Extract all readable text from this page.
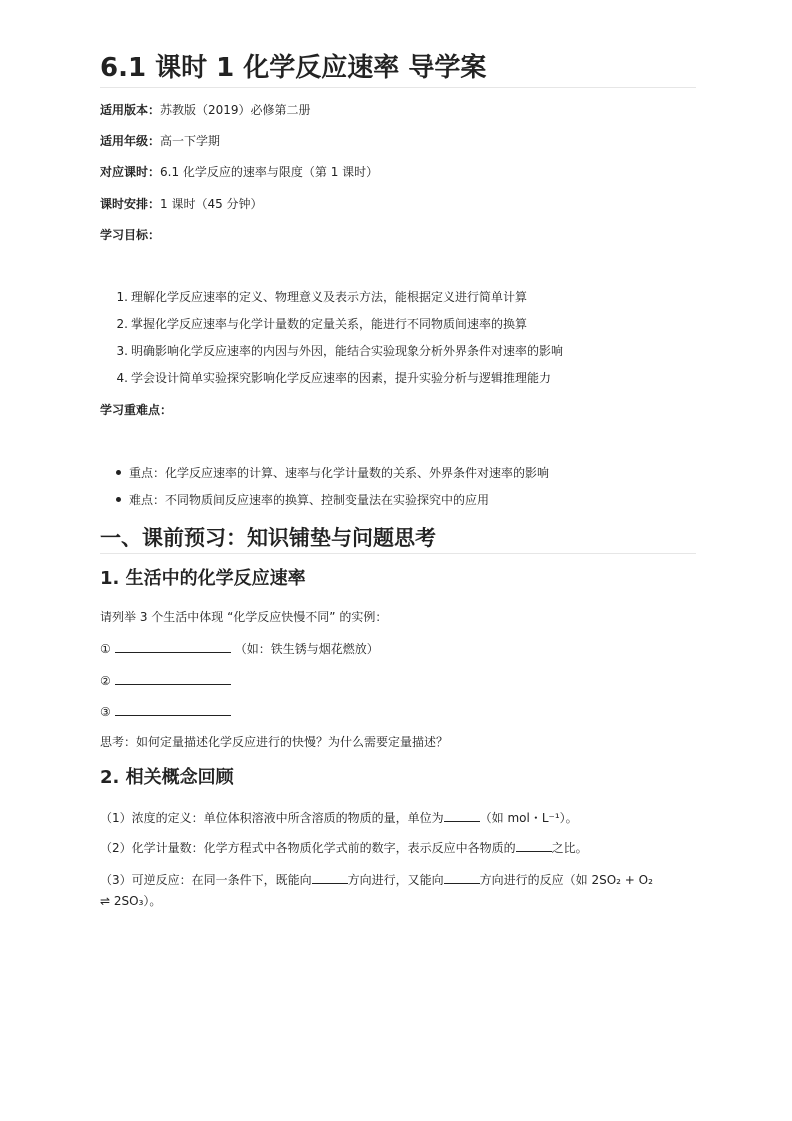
6.1 课时 1 化学反应速率 导学案
适用版本：苏教版（2019）必修第二册
适用年级：高一下学期
对应课时：6.1 化学反应的速率与限度（第 1 课时）
课时安排：1 课时（45 分钟）
学习目标：
1. 理解化学反应速率的定义、物理意义及表示方法，能根据定义进行简单计算
2. 掌握化学反应速率与化学计量数的定量关系，能进行不同物质间速率的换算
3. 明确影响化学反应速率的内因与外因，能结合实验现象分析外界条件对速率的影响
4. 学会设计简单实验探究影响化学反应速率的因素，提升实验分析与逻辑推理能力
学习重难点：
重点：化学反应速率的计算、速率与化学计量数的关系、外界条件对速率的影响
难点：不同物质间反应速率的换算、控制变量法在实验探究中的应用
一、课前预习：知识铺垫与问题思考
1. 生活中的化学反应速率
请列举 3 个生活中体现 “化学反应快慢不同” 的实例：
①	（如：铁生锈与烟花燃放）
②
③
思考：如何定量描述化学反应进行的快慢？为什么需要定量描述？
2. 相关概念回顾
（1）浓度的定义：单位体积溶液中所含溶质的物质的量，单位为	（如 mol・L⁻¹）。
（2）化学计量数：化学方程式中各物质化学式前的数字，表示反应中各物质的	之比。
（3）可逆反应：在同一条件下，既能向	方向进行，又能向	方向进行的反应（如 2SO₂ + O₂
⇌ 2SO₃）。
